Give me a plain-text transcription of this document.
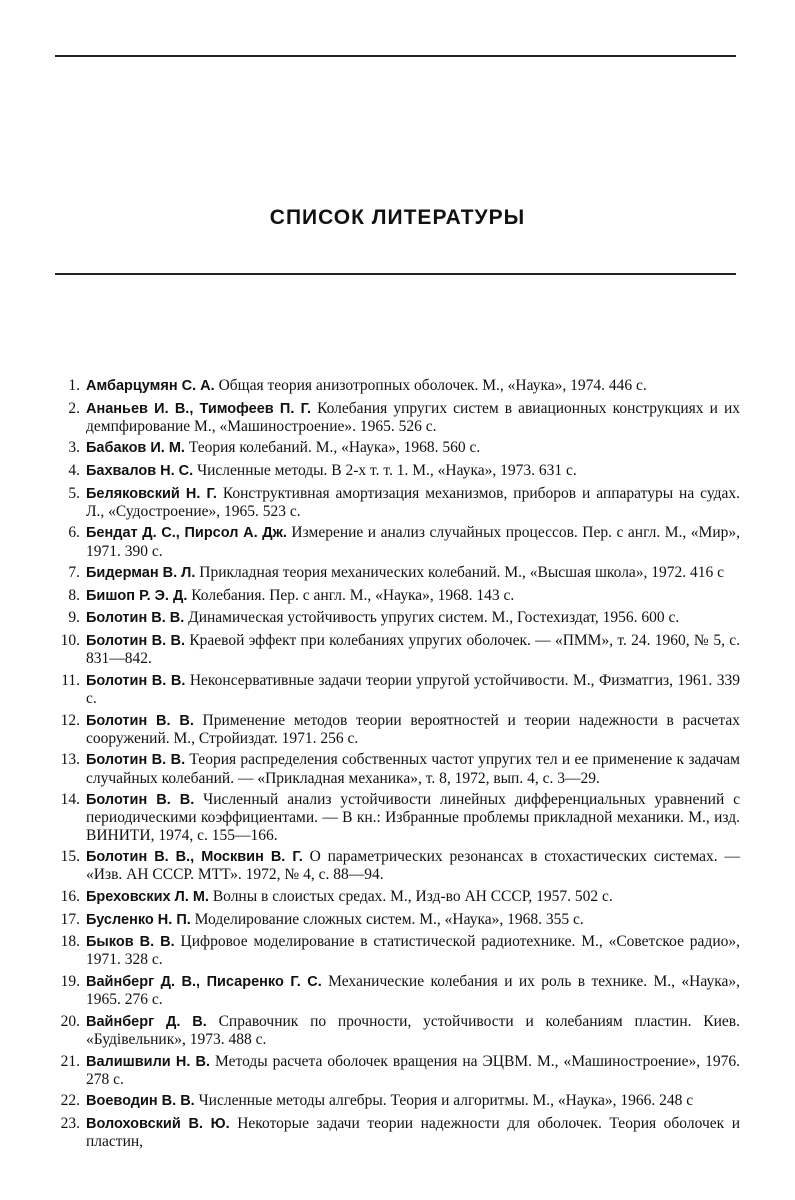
СПИСОК ЛИТЕРАТУРЫ
1. Амбарцумян С. А. Общая теория анизотропных оболочек. М., «Наука», 1974. 446 с.
2. Ананьев И. В., Тимофеев П. Г. Колебания упругих систем в авиационных конструкциях и их демпфирование М., «Машиностроение». 1965. 526 с.
3. Бабаков И. М. Теория колебаний. М., «Наука», 1968. 560 с.
4. Бахвалов Н. С. Численные методы. В 2-х т. т. 1. М., «Наука», 1973. 631 с.
5. Беляковский Н. Г. Конструктивная амортизация механизмов, приборов и аппаратуры на судах. Л., «Судостроение», 1965. 523 с.
6. Бендат Д. С., Пирсол А. Дж. Измерение и анализ случайных процессов. Пер. с англ. М., «Мир», 1971. 390 с.
7. Бидерман В. Л. Прикладная теория механических колебаний. М., «Высшая школа», 1972. 416 с
8. Бишоп Р. Э. Д. Колебания. Пер. с англ. М., «Наука», 1968. 143 с.
9. Болотин В. В. Динамическая устойчивость упругих систем. М., Гостехиздат, 1956. 600 с.
10. Болотин В. В. Краевой эффект при колебаниях упругих оболочек. — «ПММ», т. 24. 1960, № 5, с. 831—842.
11. Болотин В. В. Неконсервативные задачи теории упругой устойчивости. М., Физматгиз, 1961. 339 с.
12. Болотин В. В. Применение методов теории вероятностей и теории надежности в расчетах сооружений. М., Стройиздат. 1971. 256 с.
13. Болотин В. В. Теория распределения собственных частот упругих тел и ее применение к задачам случайных колебаний. — «Прикладная механика», т. 8, 1972, вып. 4, с. 3—29.
14. Болотин В. В. Численный анализ устойчивости линейных дифференциальных уравнений с периодическими коэффициентами. — В кн.: Избранные проблемы прикладной механики. М., изд. ВИНИТИ, 1974, с. 155—166.
15. Болотин В. В., Москвин В. Г. О параметрических резонансах в стохастических системах. — «Изв. АН СССР. МТТ». 1972, № 4, с. 88—94.
16. Бреховских Л. М. Волны в слоистых средах. М., Изд-во АН СССР, 1957. 502 с.
17. Бусленко Н. П. Моделирование сложных систем. М., «Наука», 1968. 355 с.
18. Быков В. В. Цифровое моделирование в статистической радиотехнике. М., «Советское радио», 1971. 328 с.
19. Вайнберг Д. В., Писаренко Г. С. Механические колебания и их роль в технике. М., «Наука», 1965. 276 с.
20. Вайнберг Д. В. Справочник по прочности, устойчивости и колебаниям пластин. Киев. «Будiвельник», 1973. 488 с.
21. Валишвили Н. В. Методы расчета оболочек вращения на ЭЦВМ. М., «Машиностроение», 1976. 278 с.
22. Воеводин В. В. Численные методы алгебры. Теория и алгоритмы. М., «Наука», 1966. 248 с
23. Волоховский В. Ю. Некоторые задачи теории надежности для оболочек. Теория оболочек и пластин,
